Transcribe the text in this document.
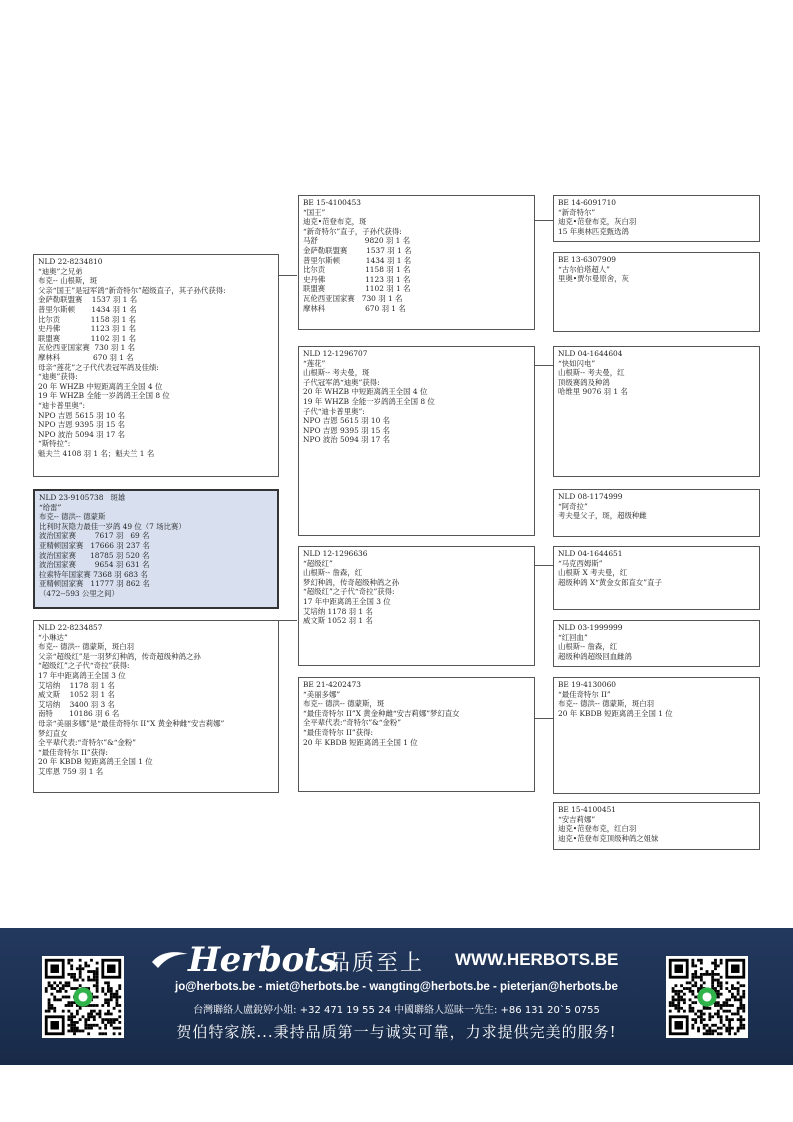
NLD 22-8234810
“迪奥”之兄弟
布克-- 山根斯，斑
父亲“国王”是冠军鸽“新奇特尔”超级直子，其子孙代获得:
金萨勒联盟赛    1537 羽 1 名
普里尔斯顿       1434 羽 1 名
比尔贡             1158 羽 1 名
史丹佛             1123 羽 1 名
联盟赛             1102 羽 1 名
瓦伦西亚国家赛  730 羽 1 名
摩林科              670 羽 1 名
母亲“莲花”之子代代表冠军鸽及佳绩:
“迪奥”获得:
20 年 WHZB 中短距离鸽王全国 4 位
19 年 WHZB 全能一岁鸽鸽王全国 8 位
“迪卡普里奥”:
NPO 吉恩 5615 羽 10 名
NPO 吉恩 9395 羽 15 名
NPO 波治 5094 羽 17 名
“斯特拉”:
魁夫兰 4108 羽 1 名；魁夫兰 1 名
NLD 23-9105738   斑雄
“给雷”
布克-- 德洪-- 德蒙斯
比利时灰隐力最佳一岁鸽 49 位（7 场比赛）
波治国家赛        7617 羽   69 名
亚精顿国家赛   17666 羽 237 名
波治国家赛      18785 羽 520 名
波治国家赛        9654 羽 631 名
拉索特年国家赛 7368 羽 683 名
亚精顿国家赛   11777 羽 862 名
（472--593 公里之间）
NLD 22-8234857
“小琳达”
布克-- 德洪-- 德蒙斯，斑白羽
父亲“超级红”是一羽梦幻种鸽，传奇超级种鸽之孙
“超级红”之子代“奇拉”获得:
17 年中距离鸽王全国 3 位
艾培纳    1178 羽 1 名
威文斯    1052 羽 1 名
艾培纳    3400 羽 3 名
南特       10186 羽 6 名
母亲“美丽多娜”是“最佳奇特尔 II”X 黄金种雌“安吉莉娜”
梦幻直女
全平辈代表:“奇特尔”&“金粉”
“最佳奇特尔 II”获得:
20 年 KBDB 短距离鸽王全国 1 位
艾库恩 759 羽 1 名
BE 15-4100453
“国王”
迪克•范登布克，斑
“新奇特尔”直子，子孙代获得:
马舒                    9820 羽 1 名
金萨勒联盟赛        1537 羽 1 名
普里尔斯顿           1434 羽 1 名
比尔贡                 1158 羽 1 名
史丹佛                 1123 羽 1 名
联盟赛                 1102 羽 1 名
瓦伦西亚国家赛   730 羽 1 名
摩林科                 670 羽 1 名
NLD 12-1296707
“莲花”
山根斯-- 考夫曼，斑
子代冠军鸽“迪奥”获得:
20 年 WHZB 中短距离鸽王全国 4 位
19 年 WHZB 全能一岁鸽鸽王全国 8 位
子代“迪卡普里奥”:
NPO 吉恩 5615 羽 10 名
NPO 吉恩 9395 羽 15 名
NPO 波治 5094 羽 17 名
NLD 12-1296636
“超级红”
山根斯-- 詹森，红
梦幻种鸽，传奇超级种鸽之孙
“超级红”之子代“奇拉”获得:
17 年中距离鸽王全国 3 位
艾培纳 1178 羽 1 名
威文斯 1052 羽 1 名
BE 21-4202473
“美丽多娜”
布克-- 德洪-- 德蒙斯，斑
“最佳奇特尔 II”X 黄金种雌“安吉莉娜”梦幻直女
全平辈代表:“奇特尔”&“金粉”
“最佳奇特尔 II”获得:
20 年 KBDB 短距离鸽王全国 1 位
BE 14-6091710
“新奇特尔”
迪克•范登布克，灰白羽
15 年奥林匹克甄选鸽
BE 13-6307909
“古尔伯塔超人”
里奥•贾尔曼原舍，灰
NLD 04-1644604
“快如闪电”
山根斯-- 考夫曼，红
顶级赛鸽及种鸽
哈维里 9076 羽 1 名
NLD 08-1174999
“阿奇拉”
考夫曼父子，斑，超级种雌
NLD 04-1644651
“马克西姆斯”
山根斯 X 考夫曼，红
超级种鸽 X“黄金女郎直女”直子
NLD 03-1999999
“红回血”
山根斯-- 詹森，红
超级种鸽超级回血雌鸽
BE 19-4130060
“最佳奇特尔 II”
布克-- 德洪-- 德蒙斯，斑白羽
20 年 KBDB 短距离鸽王全国 1 位
BE 15-4100451
“安吉莉娜”
迪克•范登布克，红白羽
迪克•范登布克顶级种鸽之姐妹
Herbots
品质至上 WWW.HERBOTS.BE
jo@herbots.be - miet@herbots.be - wangting@herbots.be - pieterjan@herbots.be
台灣聯絡人盧銳婷小姐: +32 471 19 55 24 中國聯絡人巡昧一先生: +86 131 20`5 0755
贺伯特家族...秉持品质第一与诚实可靠，力求提供完美的服务!
